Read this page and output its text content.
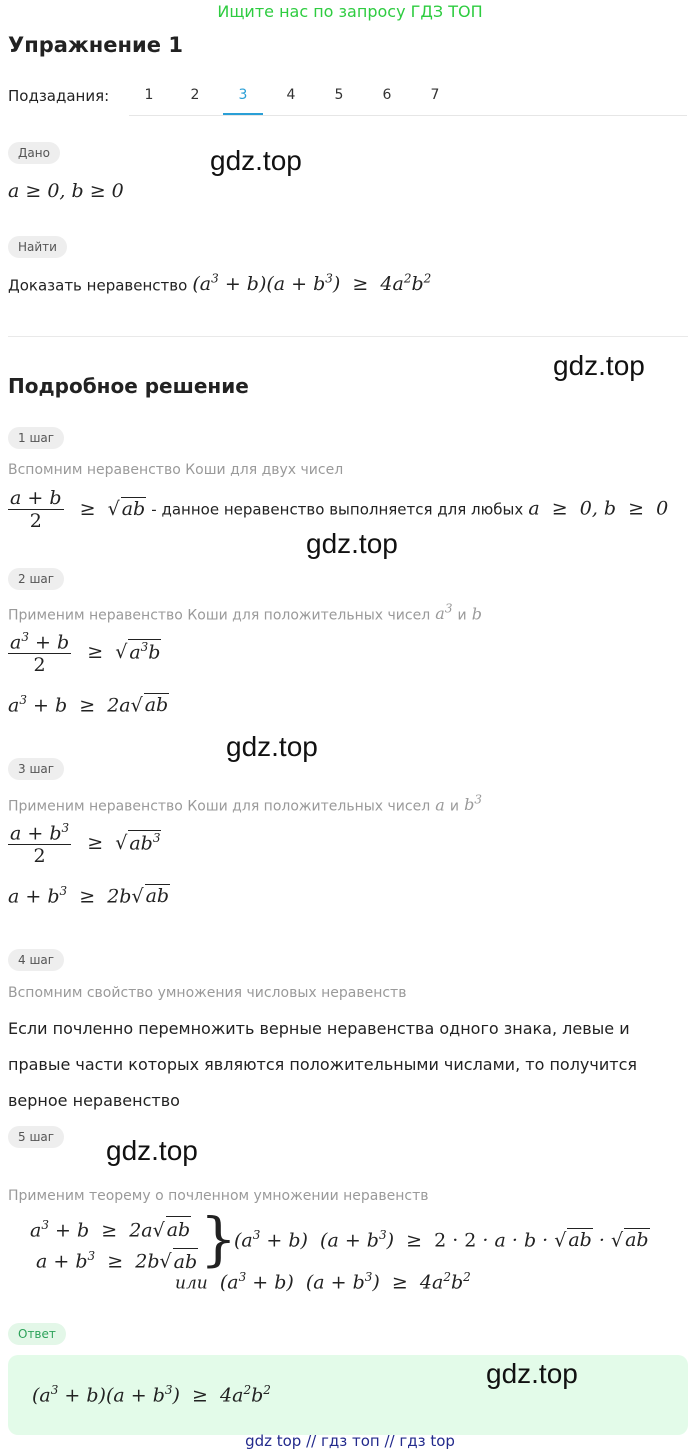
Ищите нас по запросу ГДЗ ТОП
Упражнение 1
Подзадания:	1	2	3	4	5	6	7
Дано	gdz.top
a ≥ 0, b ≥ 0
Найти
Доказать неравенство $(a^3 + b)(a + b^3) \ge 4a^2b^2$
gdz.top
Подробное решение
1 шаг
Вспомним неравенство Коши для двух чисел
$\frac{a + b}{2}$ ≥  √ ab - данное неравенство выполняется для любых a  ≥  0, b  ≥  0
gdz.top
2 шаг
Применим неравенство Коши для положительных чисел $a^3$ и b
$\frac{a^3 + b}{2}$ ≥  √ $a^3b$
$a^3 + b \ge 2a√$ ab
gdz.top
3 шаг
Применим неравенство Коши для положительных чисел a и $b^3$
$\frac{a + b^3}{2}$ ≥  √ $ab^3$
$a + b^3 \ge 2b√$ ab
4 шаг
Вспомним свойство умножения числовых неравенств
Если почленно перемножить верные неравенства одного знака, левые и
правые части которых являются положительными числами, то получится
верное неравенство
5 шаг	gdz.top
Применим теорему о почленном умножении неравенств
$a^3 + b \ge 2a√$ ab
$a + b^3 \ge 2b√$ ab }
$(a^3 + b) (a + b^3) \ge 2 \cdot 2 \cdot a \cdot b$ · √ ab · √ ab
или  $(a^3 + b) (a + b^3) \ge 4a^2b^2$
Ответ
$(a^3 + b)(a + b^3) \ge 4a^2b^2$
gdz.top
gdz top // гдз топ // гдз top
